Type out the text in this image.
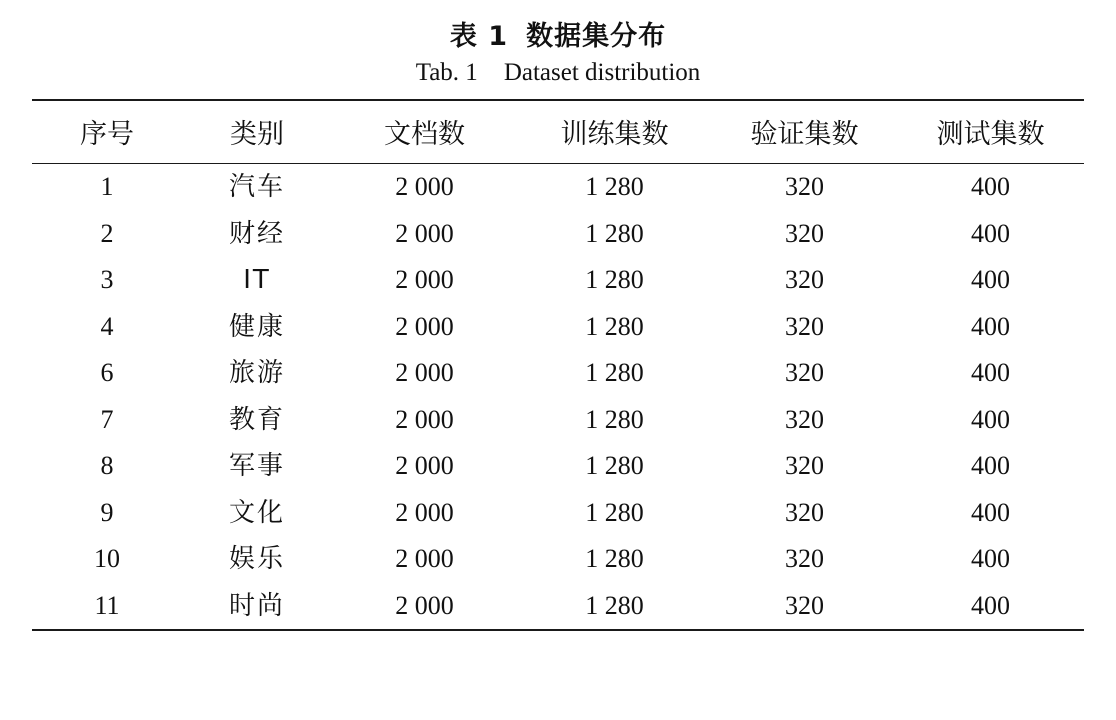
表 1 数据集分布
Tab. 1 Dataset distribution
序号	类别	文档数	训练集数	验证集数	测试集数
1	汽车	2 000	1 280	320	400
2	财经	2 000	1 280	320	400
3	IT	2 000	1 280	320	400
4	健康	2 000	1 280	320	400
6	旅游	2 000	1 280	320	400
7	教育	2 000	1 280	320	400
8	军事	2 000	1 280	320	400
9	文化	2 000	1 280	320	400
10	娱乐	2 000	1 280	320	400
11	时尚	2 000	1 280	320	400
